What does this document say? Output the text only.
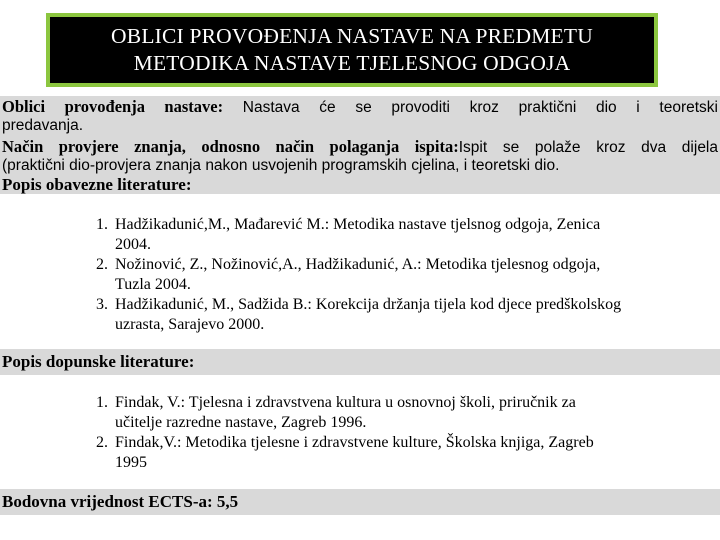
OBLICI PROVOĐENJA NASTAVE NA PREDMETU
METODIKA NASTAVE TJELESNOG ODGOJA
Oblici provođenja nastave: Nastava će se provoditi kroz praktični dio i teoretski
predavanja.
Način provjere znanja, odnosno način polaganja ispita:Ispit se polaže kroz dva dijela
(praktični dio-provjera znanja nakon usvojenih programskih cjelina, i teoretski dio.
Popis obavezne literature:
1. Hadžikadunić,M., Mađarević M.: Metodika nastave tjelsnog odgoja, Zenica
2004.
2. Nožinović, Z., Nožinović,A., Hadžikadunić, A.: Metodika tjelesnog odgoja,
Tuzla 2004.
3. Hadžikadunić, M., Sadžida B.: Korekcija držanja tijela kod djece predškolskog
uzrasta, Sarajevo 2000.
Popis dopunske literature:
1. Findak, V.: Tjelesna i zdravstvena kultura u osnovnoj školi, priručnik za
učitelje razredne nastave, Zagreb 1996.
2. Findak,V.: Metodika tjelesne i zdravstvene kulture, Školska knjiga, Zagreb
1995
Bodovna vrijednost ECTS-a: 5,5
